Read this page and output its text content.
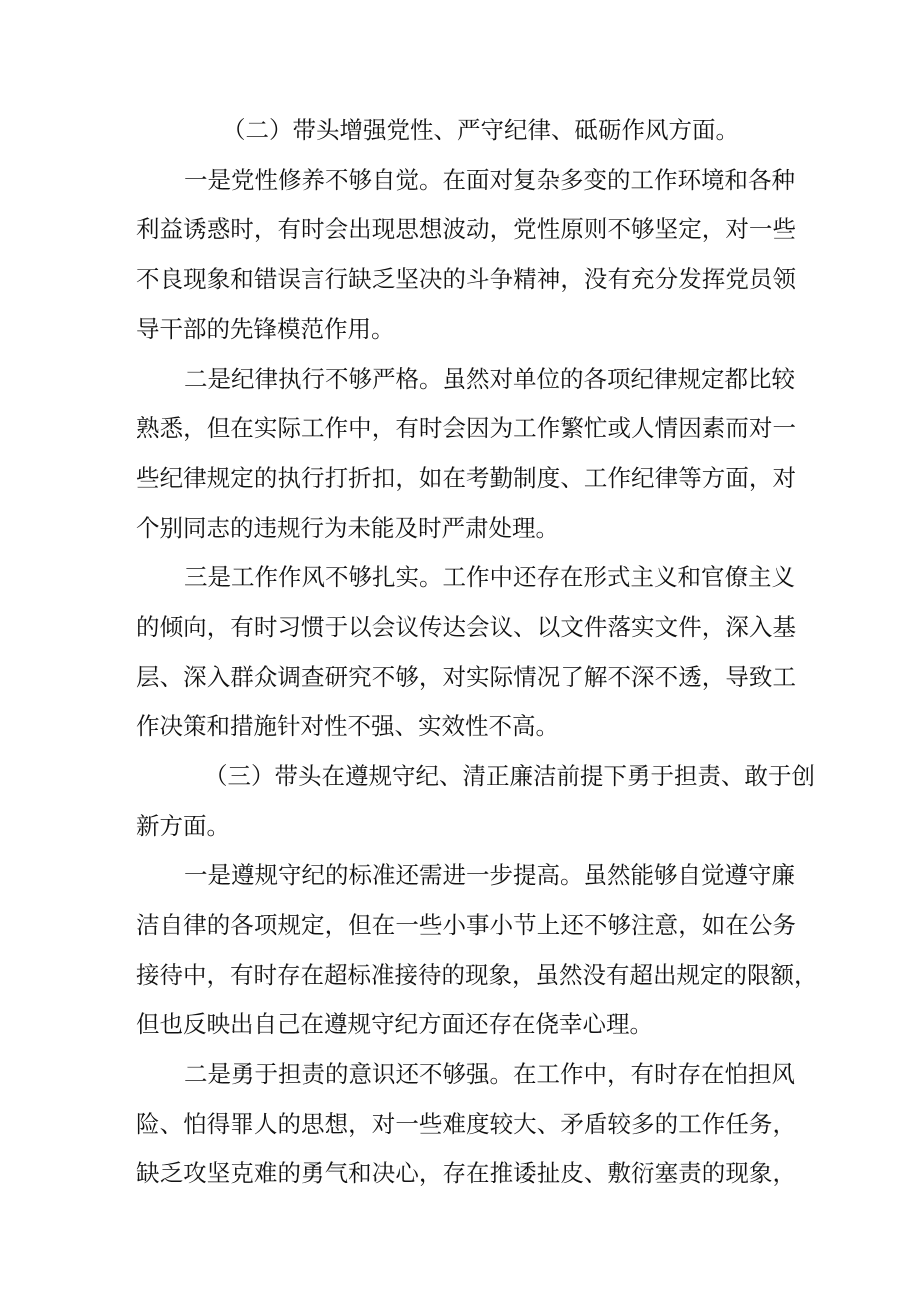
（二）带头增强党性、严守纪律、砥砺作风方面。
一是党性修养不够自觉。在面对复杂多变的工作环境和各种
利益诱惑时，有时会出现思想波动，党性原则不够坚定，对一些
不良现象和错误言行缺乏坚决的斗争精神，没有充分发挥党员领
导干部的先锋模范作用。
二是纪律执行不够严格。虽然对单位的各项纪律规定都比较
熟悉，但在实际工作中，有时会因为工作繁忙或人情因素而对一
些纪律规定的执行打折扣，如在考勤制度、工作纪律等方面，对
个别同志的违规行为未能及时严肃处理。
三是工作作风不够扎实。工作中还存在形式主义和官僚主义
的倾向，有时习惯于以会议传达会议、以文件落实文件，深入基
层、深入群众调查研究不够，对实际情况了解不深不透，导致工
作决策和措施针对性不强、实效性不高。
（三）带头在遵规守纪、清正廉洁前提下勇于担责、敢于创
新方面。
一是遵规守纪的标准还需进一步提高。虽然能够自觉遵守廉
洁自律的各项规定，但在一些小事小节上还不够注意，如在公务
接待中，有时存在超标准接待的现象，虽然没有超出规定的限额，
但也反映出自己在遵规守纪方面还存在侥幸心理。
二是勇于担责的意识还不够强。在工作中，有时存在怕担风
险、怕得罪人的思想，对一些难度较大、矛盾较多的工作任务，
缺乏攻坚克难的勇气和决心，存在推诿扯皮、敷衍塞责的现象，
